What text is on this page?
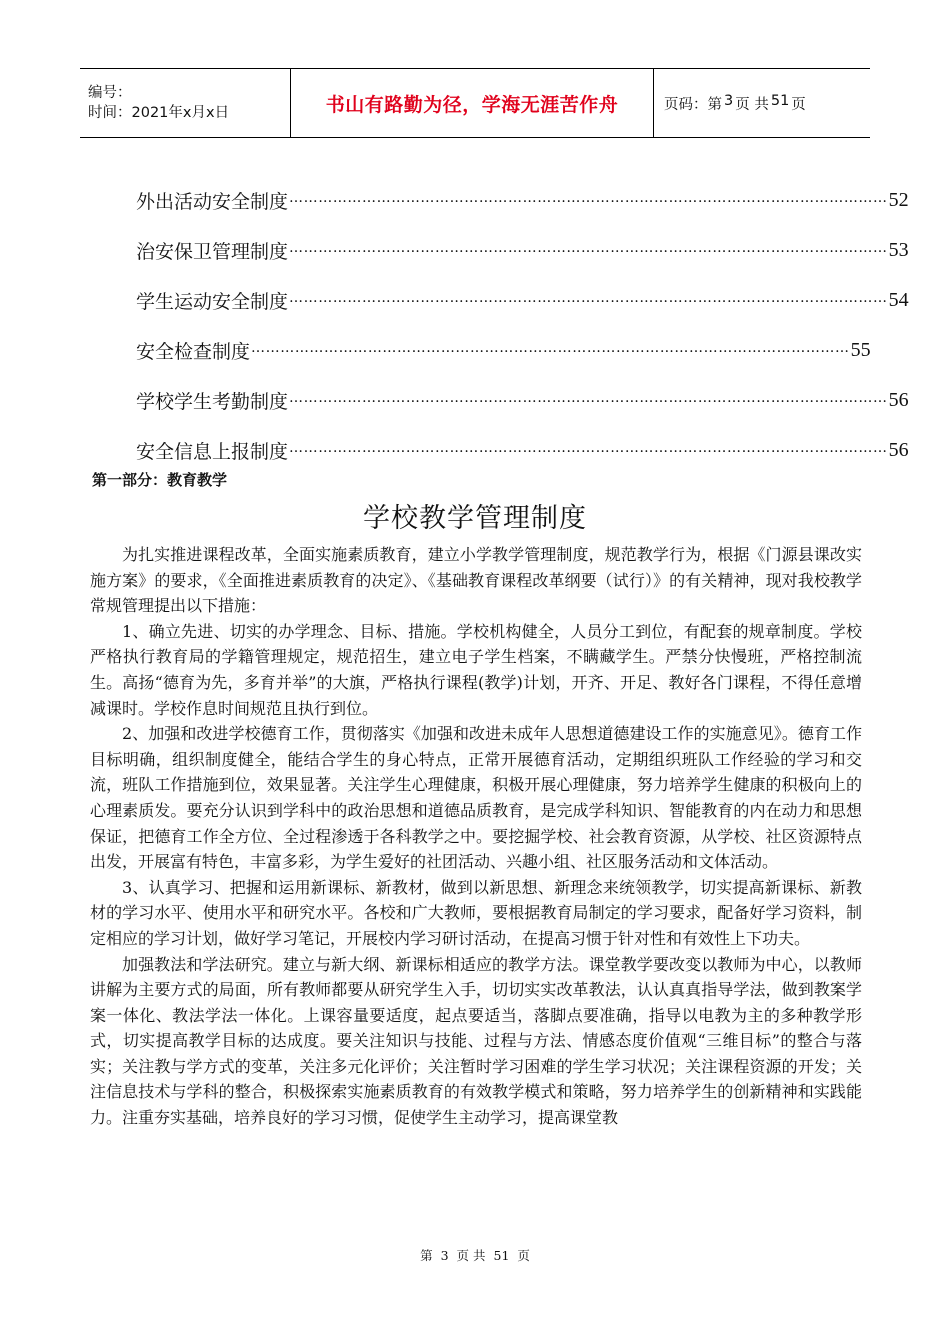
编号：
时间：2021年x月x日	书山有路勤为径，学海无涯苦作舟	页码：第 3 页 共 51 页
外出活动安全制度 …………………………………………………………………………………………………………… 52
治安保卫管理制度 …………………………………………………………………………………………………………… 53
学生运动安全制度 …………………………………………………………………………………………………………… 54
安全检查制度 …………………………………………………………………………………………………………… 55
学校学生考勤制度 …………………………………………………………………………………………………………… 56
安全信息上报制度 …………………………………………………………………………………………………………… 56
第一部分：教育教学
学校教学管理制度

为扎实推进课程改革，全面实施素质教育，建立小学教学管理制度，规范教学行为，根据《门源县课改实施方案》的要求，《全面推进素质教育的决定》、《基础教育课程改革纲要（试行）》的有关精神，现对我校教学常规管理提出以下措施：

1、确立先进、切实的办学理念、目标、措施。学校机构健全，人员分工到位，有配套的规章制度。学校严格执行教育局的学籍管理规定，规范招生，建立电子学生档案，不瞒藏学生。严禁分快慢班，严格控制流生。高扬“德育为先，多育并举”的大旗，严格执行课程(教学)计划，开齐、开足、教好各门课程，不得任意增减课时。学校作息时间规范且执行到位。

2、加强和改进学校德育工作，贯彻落实《加强和改进未成年人思想道德建设工作的实施意见》。德育工作目标明确，组织制度健全，能结合学生的身心特点，正常开展德育活动，定期组织班队工作经验的学习和交流，班队工作措施到位，效果显著。关注学生心理健康，积极开展心理健康，努力培养学生健康的积极向上的心理素质发。要充分认识到学科中的政治思想和道德品质教育，是完成学科知识、智能教育的内在动力和思想保证，把德育工作全方位、全过程渗透于各科教学之中。要挖掘学校、社会教育资源，从学校、社区资源特点出发，开展富有特色，丰富多彩，为学生爱好的社团活动、兴趣小组、社区服务活动和文体活动。

3、认真学习、把握和运用新课标、新教材，做到以新思想、新理念来统领教学，切实提高新课标、新教材的学习水平、使用水平和研究水平。各校和广大教师，要根据教育局制定的学习要求，配备好学习资料，制定相应的学习计划，做好学习笔记，开展校内学习研讨活动，在提高习惯于针对性和有效性上下功夫。

加强教法和学法研究。建立与新大纲、新课标相适应的教学方法。课堂教学要改变以教师为中心，以教师讲解为主要方式的局面，所有教师都要从研究学生入手，切切实实改革教法，认认真真指导学法，做到教案学案一体化、教法学法一体化。上课容量要适度，起点要适当，落脚点要准确，指导以电教为主的多种教学形式，切实提高教学目标的达成度。要关注知识与技能、过程与方法、情感态度价值观“三维目标”的整合与落实；关注教与学方式的变革，关注多元化评价；关注暂时学习困难的学生学习状况；关注课程资源的开发；关注信息技术与学科的整合，积极探索实施素质教育的有效教学模式和策略，努力培养学生的创新精神和实践能力。注重夯实基础，培养良好的学习习惯，促使学生主动学习，提高课堂教

第 3 页 共 51 页
